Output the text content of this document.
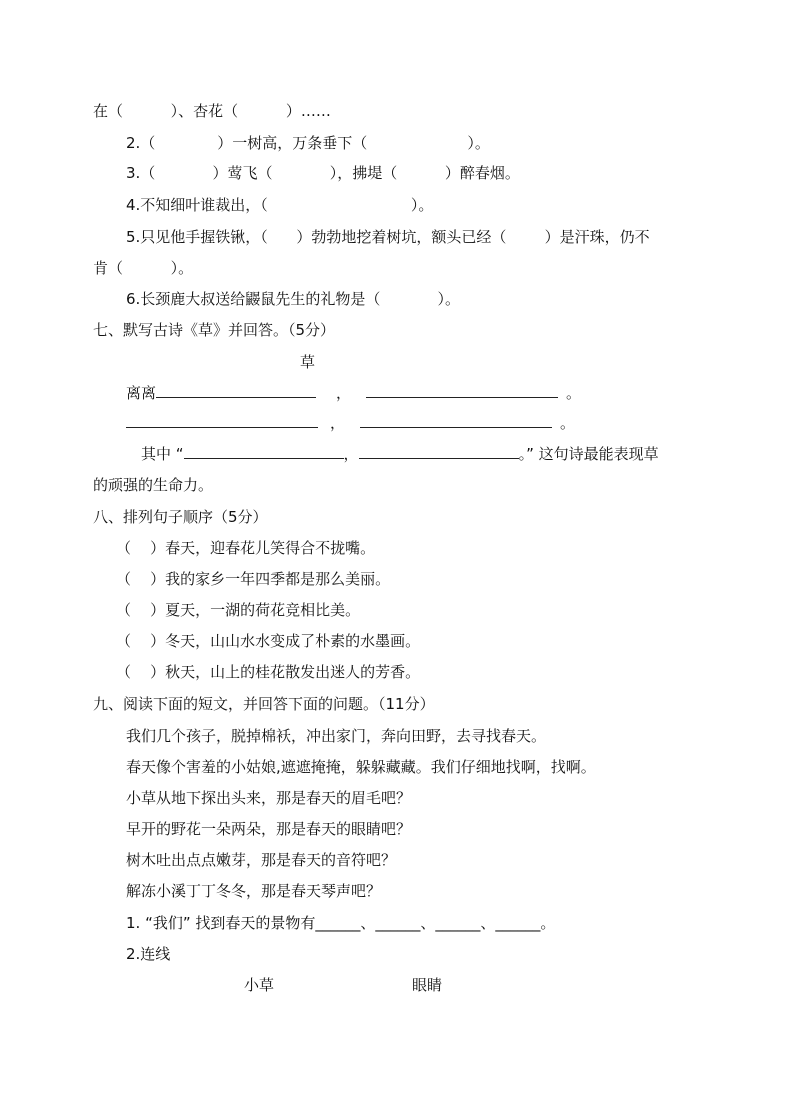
在（          ）、杏花（          ）……
2.（             ）一树高，万条垂下（                     ）。
3.（            ）莺飞（            ），拂堤（          ）醉春烟。
4.不知细叶谁裁出，（                              ）。
5.只见他手握铁锹，（      ）勃勃地挖着树坑，额头已经（        ）是汗珠，仍不
肯（          ）。
6.长颈鹿大叔送给鼹鼠先生的礼物是（            ）。
七、默写古诗《草》并回答。（5分）
草
离离	，	。
，	。
其中 “	，	。” 这句诗最能表现草
的顽强的生命力。
八、排列句子顺序（5分）
（    ）春天，迎春花儿笑得合不拢嘴。
（    ）我的家乡一年四季都是那么美丽。
（    ）夏天，一湖的荷花竞相比美。
（    ）冬天，山山水水变成了朴素的水墨画。
（    ）秋天，山上的桂花散发出迷人的芳香。
九、阅读下面的短文，并回答下面的问题。（11分）
我们几个孩子，脱掉棉袄，冲出家门，奔向田野，去寻找春天。
春天像个害羞的小姑娘,遮遮掩掩，躲躲藏藏。我们仔细地找啊，找啊。
小草从地下探出头来，那是春天的眉毛吧？
早开的野花一朵两朵，那是春天的眼睛吧？
树木吐出点点嫩芽，那是春天的音符吧？
解冻小溪丁丁冬冬，那是春天琴声吧？
1. “我们” 找到春天的景物有______、______、______、______。
2.连线
小草	眼睛
